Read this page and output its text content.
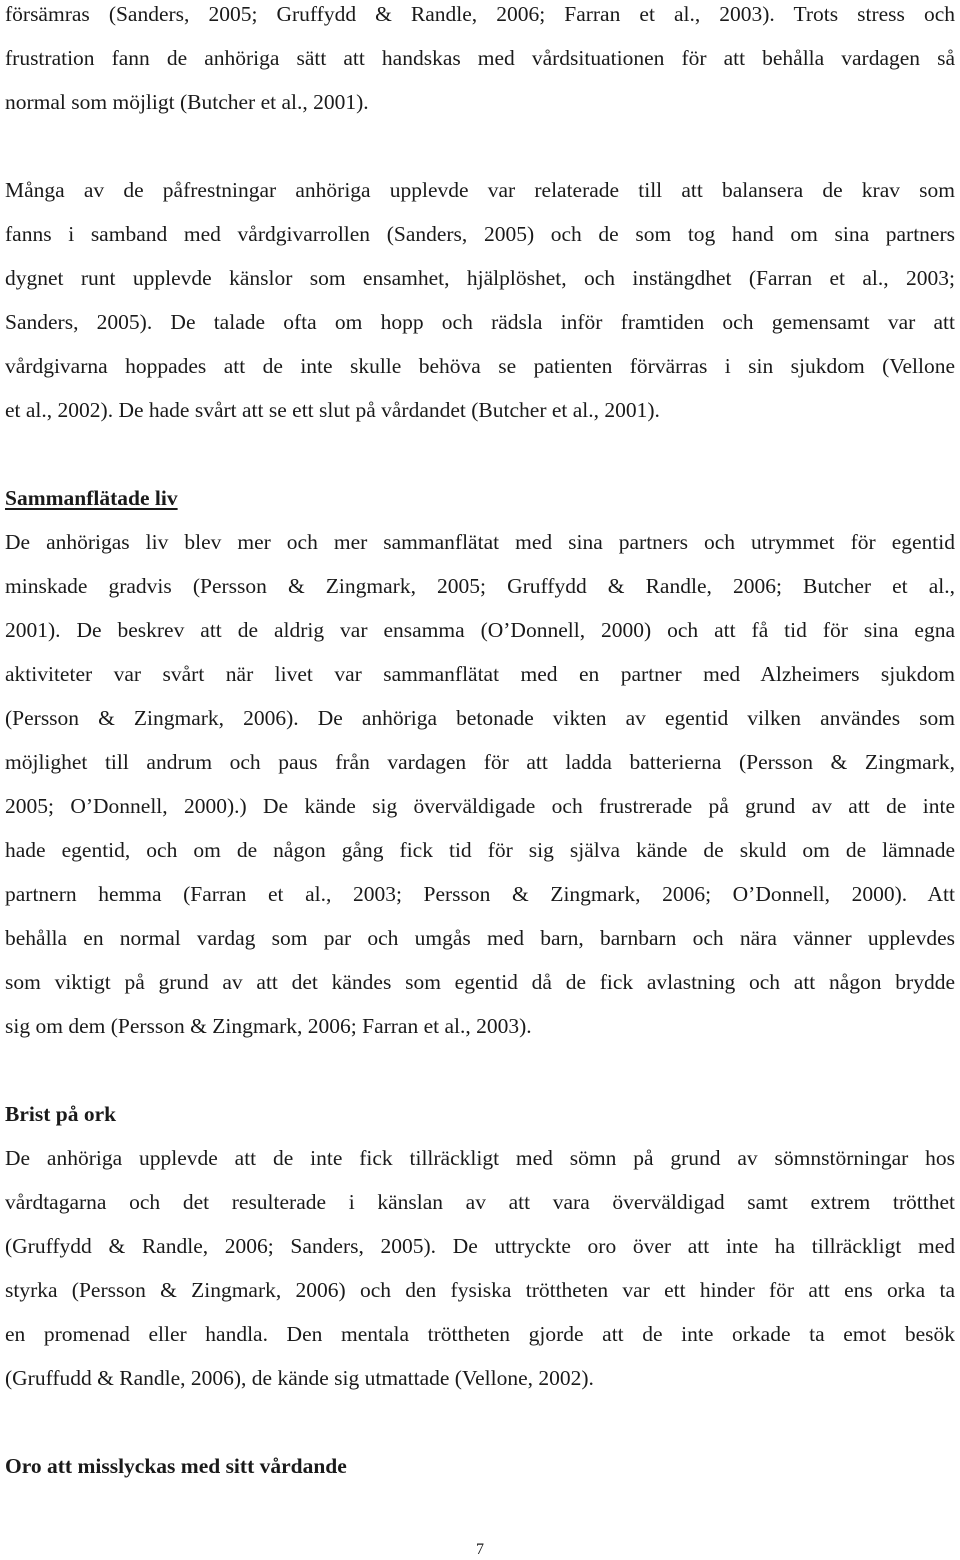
försämras (Sanders, 2005; Gruffydd & Randle, 2006; Farran et al., 2003). Trots stress och
frustration fann de anhöriga sätt att handskas med vårdsituationen för att behålla vardagen så
normal som möjligt (Butcher et al., 2001).
Många av de påfrestningar anhöriga upplevde var relaterade till att balansera de krav som
fanns i samband med vårdgivarrollen (Sanders, 2005) och de som tog hand om sina partners
dygnet runt upplevde känslor som ensamhet, hjälplöshet, och instängdhet (Farran et al., 2003;
Sanders, 2005). De talade ofta om hopp och rädsla inför framtiden och gemensamt var att
vårdgivarna hoppades att de inte skulle behöva se patienten förvärras i sin sjukdom (Vellone
et al., 2002). De hade svårt att se ett slut på vårdandet (Butcher et al., 2001).
Sammanflätade liv
De anhörigas liv blev mer och mer sammanflätat med sina partners och utrymmet för egentid
minskade gradvis (Persson & Zingmark, 2005; Gruffydd & Randle, 2006; Butcher et al.,
2001). De beskrev att de aldrig var ensamma (O’Donnell, 2000) och att få tid för sina egna
aktiviteter var svårt när livet var sammanflätat med en partner med Alzheimers sjukdom
(Persson & Zingmark, 2006). De anhöriga betonade vikten av egentid vilken användes som
möjlighet till andrum och paus från vardagen för att ladda batterierna (Persson & Zingmark,
2005; O’Donnell, 2000).) De kände sig överväldigade och frustrerade på grund av att de inte
hade egentid, och om de någon gång fick tid för sig själva kände de skuld om de lämnade
partnern hemma (Farran et al., 2003; Persson & Zingmark, 2006; O’Donnell, 2000). Att
behålla en normal vardag som par och umgås med barn, barnbarn och nära vänner upplevdes
som viktigt på grund av att det kändes som egentid då de fick avlastning och att någon brydde
sig om dem (Persson & Zingmark, 2006; Farran et al., 2003).
Brist på ork
De anhöriga upplevde att de inte fick tillräckligt med sömn på grund av sömnstörningar hos
vårdtagarna och det resulterade i känslan av att vara överväldigad samt extrem trötthet
(Gruffydd & Randle, 2006; Sanders, 2005). De uttryckte oro över att inte ha tillräckligt med
styrka (Persson & Zingmark, 2006) och den fysiska tröttheten var ett hinder för att ens orka ta
en promenad eller handla. Den mentala tröttheten gjorde att de inte orkade ta emot besök
(Gruffudd & Randle, 2006), de kände sig utmattade (Vellone, 2002).
Oro att misslyckas med sitt vårdande
7
